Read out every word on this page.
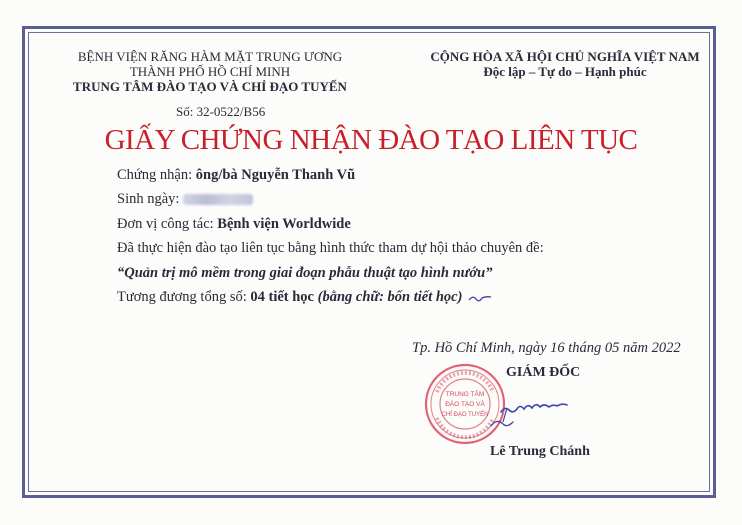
BỆNH VIỆN RĂNG HÀM MẶT TRUNG ƯƠNG
THÀNH PHỐ HỒ CHÍ MINH
TRUNG TÂM ĐÀO TẠO VÀ CHỈ ĐẠO TUYẾN
CỘNG HÒA XÃ HỘI CHỦ NGHĨA VIỆT NAM
Độc lập – Tự do – Hạnh phúc
Số: 32-0522/B56
GIẤY CHỨNG NHẬN ĐÀO TẠO LIÊN TỤC
Chứng nhận: ông/bà Nguyễn Thanh Vũ
Sinh ngày:
Đơn vị công tác: Bệnh viện Worldwide
Đã thực hiện đào tạo liên tục bằng hình thức tham dự hội thảo chuyên đề:
“Quản trị mô mềm trong giai đoạn phẫu thuật tạo hình nướu”
Tương đương tổng số: 04 tiết học (bằng chữ: bốn tiết học)
Tp. Hồ Chí Minh, ngày 16 tháng 05 năm 2022
GIÁM ĐỐC
TRUNG TÂM
ĐÀO TẠO VÀ
CHỈ ĐẠO TUYẾN
Lê Trung Chánh
